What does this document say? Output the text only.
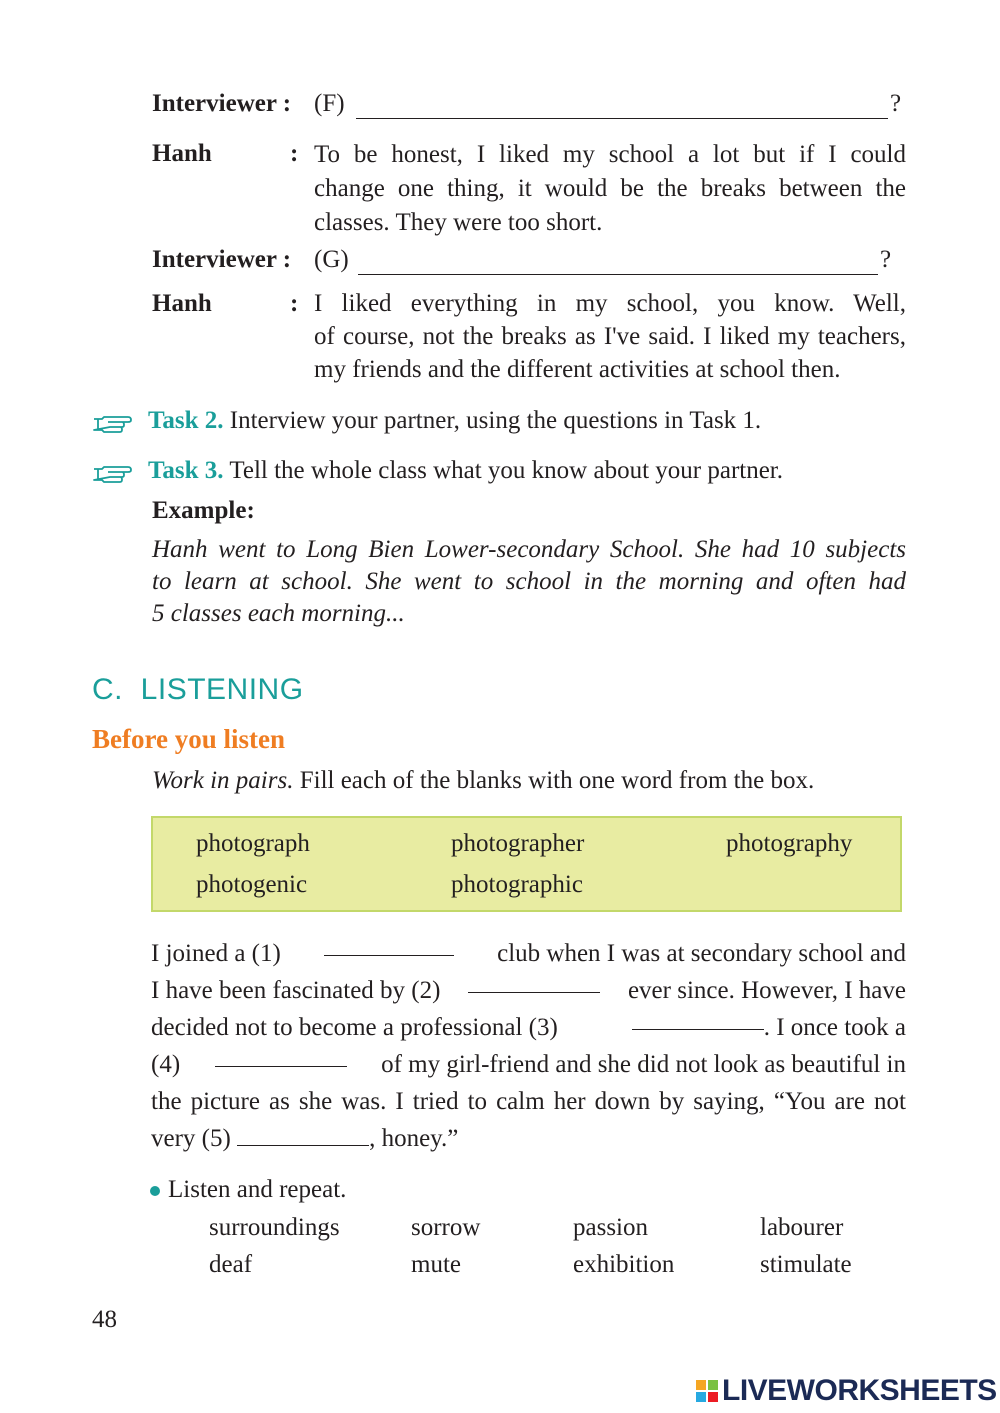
Interviewer : (F)	?
Hanh	: To be honest, I liked my school a lot but if I could
change one thing, it would be the breaks between the
classes. They were too short.
Interviewer : (G)	?
Hanh	: I liked everything in my school, you know. Well,
of course, not the breaks as I've said. I liked my teachers,
my friends and the different activities at school then.
Task 2. Interview your partner, using the questions in Task 1.
Task 3. Tell the whole class what you know about your partner.
Example:
Hanh went to Long Bien Lower-secondary School. She had 10 subjects
to learn at school. She went to school in the morning and often had
5 classes each morning...
C.  LISTENING
Before you listen
Work in pairs. Fill each of the blanks with one word from the box.
photograph	photographer	photography
photogenic	photographic
I joined a (1)	club when I was at secondary school and
I have been fascinated by (2)	ever since. However, I have
decided not to become a professional (3)	. I once took a
(4)	of my girl-friend and she did not look as beautiful in
the picture as she was. I tried to calm her down by saying, “You are not
very (5)	, honey.”
Listen and repeat.
surroundings	sorrow	passion	labourer
deaf	mute	exhibition	stimulate
48
LIVEWORKSHEETS
